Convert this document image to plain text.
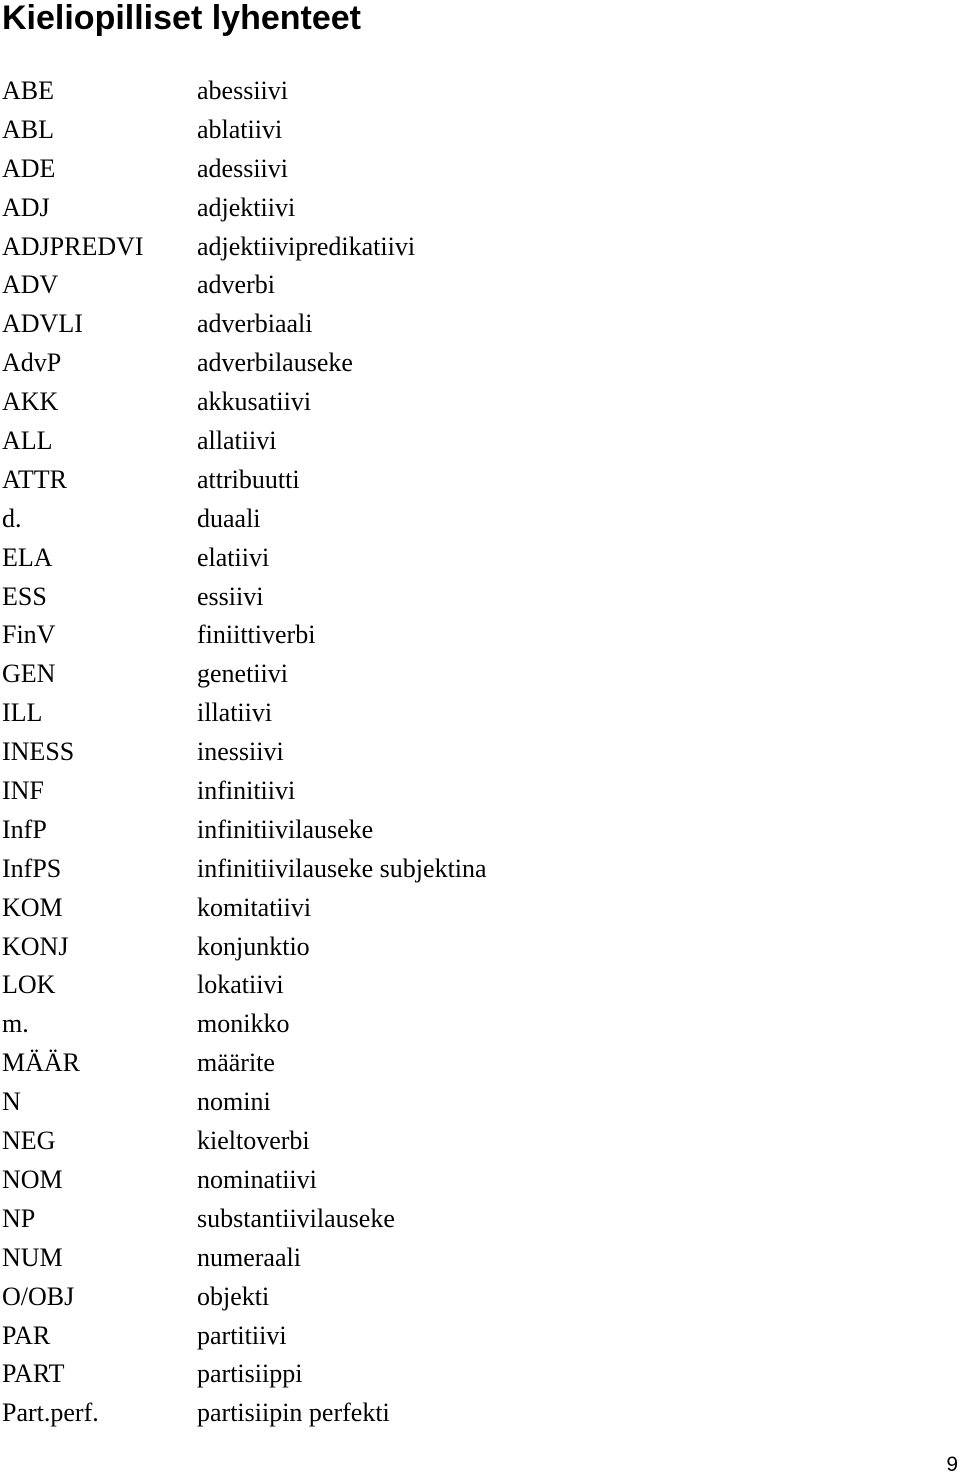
Kieliopilliset lyhenteet
ABE	abessiivi
ABL	ablatiivi
ADE	adessiivi
ADJ	adjektiivi
ADJPREDVI adjektiivipredikatiivi
ADV	adverbi
ADVLI	adverbiaali
AdvP	adverbilauseke
AKK	akkusatiivi
ALL	allatiivi
ATTR	attribuutti
d.	duaali
ELA	elatiivi
ESS	essiivi
FinV	finiittiverbi
GEN	genetiivi
ILL	illatiivi
INESS	inessiivi
INF	infinitiivi
InfP	infinitiivilauseke
InfPS	infinitiivilauseke subjektina
KOM	komitatiivi
KONJ	konjunktio
LOK	lokatiivi
m.	monikko
MÄÄR	määrite
N	nomini
NEG	kieltoverbi
NOM	nominatiivi
NP	substantiivilauseke
NUM	numeraali
O/OBJ	objekti
PAR	partitiivi
PART	partisiippi
Part.perf.	partisiipin perfekti
9
